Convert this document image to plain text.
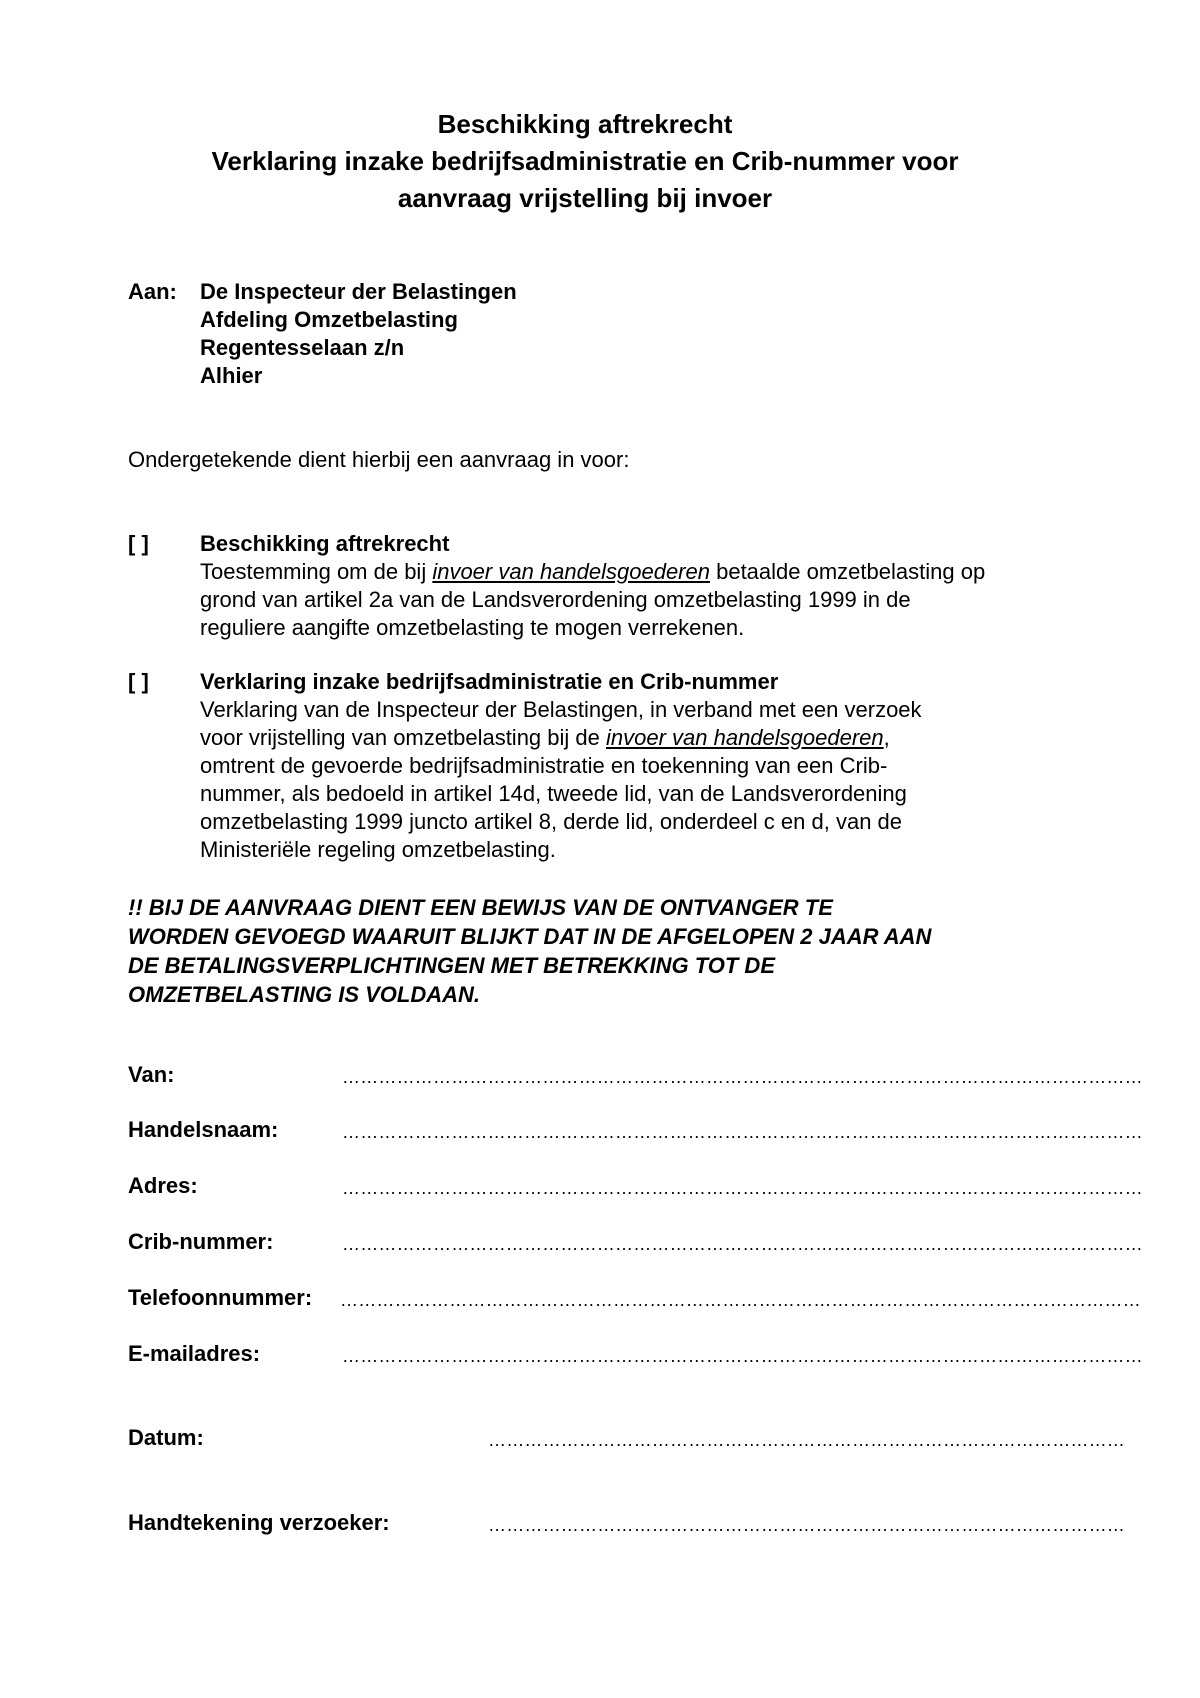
Beschikking aftrekrecht
Verklaring inzake bedrijfsadministratie en Crib-nummer voor
aanvraag vrijstelling bij invoer
Aan: De Inspecteur der Belastingen
Afdeling Omzetbelasting
Regentesselaan z/n
Alhier
Ondergetekende dient hierbij een aanvraag in voor:
[ ] Beschikking aftrekrecht
Toestemming om de bij invoer van handelsgoederen betaalde omzetbelasting op
grond van artikel 2a van de Landsverordening omzetbelasting 1999 in de
reguliere aangifte omzetbelasting te mogen verrekenen.
[ ] Verklaring inzake bedrijfsadministratie en Crib-nummer
Verklaring van de Inspecteur der Belastingen, in verband met een verzoek
voor vrijstelling van omzetbelasting bij de invoer van handelsgoederen,
omtrent de gevoerde bedrijfsadministratie en toekenning van een Crib-
nummer, als bedoeld in artikel 14d, tweede lid, van de Landsverordening
omzetbelasting 1999 juncto artikel 8, derde lid, onderdeel c en d, van de
Ministeriële regeling omzetbelasting.
!! BIJ DE AANVRAAG DIENT EEN BEWIJS VAN DE ONTVANGER TE
WORDEN GEVOEGD WAARUIT BLIJKT DAT IN DE AFGELOPEN 2 JAAR AAN
DE BETALINGSVERPLICHTINGEN MET BETREKKING TOT DE
OMZETBELASTING IS VOLDAAN.
Van:	……………………………………………………………………………………………………………………
Handelsnaam:	……………………………………………………………………………………………………………………
Adres:	……………………………………………………………………………………………………………………
Crib-nummer:	……………………………………………………………………………………………………………………
Telefoonnummer: ……………………………………………………………………………………………………………………
E-mailadres:	……………………………………………………………………………………………………………………
Datum:	……………………………………………………………………………………………
Handtekening verzoeker:	……………………………………………………………………………………………
